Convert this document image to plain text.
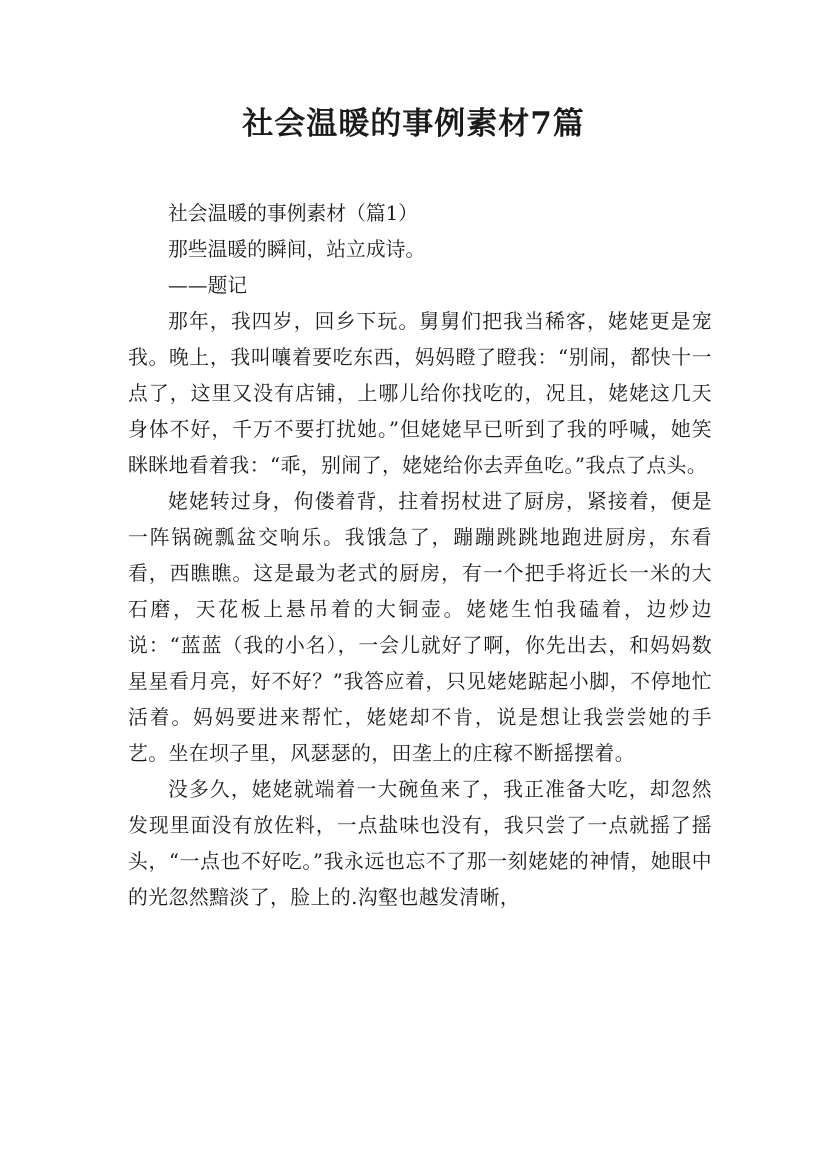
社会温暖的事例素材7篇
社会温暖的事例素材（篇1）
那些温暖的瞬间，站立成诗。
——题记

那年，我四岁，回乡下玩。舅舅们把我当稀客，姥姥更是宠我。晚上，我叫嚷着要吃东西，妈妈瞪了瞪我：“别闹，都快十一点了，这里又没有店铺，上哪儿给你找吃的，况且，姥姥这几天身体不好，千万不要打扰她。”但姥姥早已听到了我的呼喊，她笑眯眯地看着我：“乖，别闹了，姥姥给你去弄鱼吃。”我点了点头。

姥姥转过身，佝偻着背，拄着拐杖进了厨房，紧接着，便是一阵锅碗瓢盆交响乐。我饿急了，蹦蹦跳跳地跑进厨房，东看看，西瞧瞧。这是最为老式的厨房，有一个把手将近长一米的大石磨，天花板上悬吊着的大铜壶。姥姥生怕我磕着，边炒边说：“蓝蓝（我的小名），一会儿就好了啊，你先出去，和妈妈数星星看月亮，好不好？”我答应着，只见姥姥踮起小脚，不停地忙活着。妈妈要进来帮忙，姥姥却不肯，说是想让我尝尝她的手艺。坐在坝子里，风瑟瑟的，田垄上的庄稼不断摇摆着。

没多久，姥姥就端着一大碗鱼来了，我正准备大吃，却忽然发现里面没有放佐料，一点盐味也没有，我只尝了一点就摇了摇头，“一点也不好吃。”我永远也忘不了那一刻姥姥的神情，她眼中的光忽然黯淡了，脸上的.沟壑也越发清晰，
